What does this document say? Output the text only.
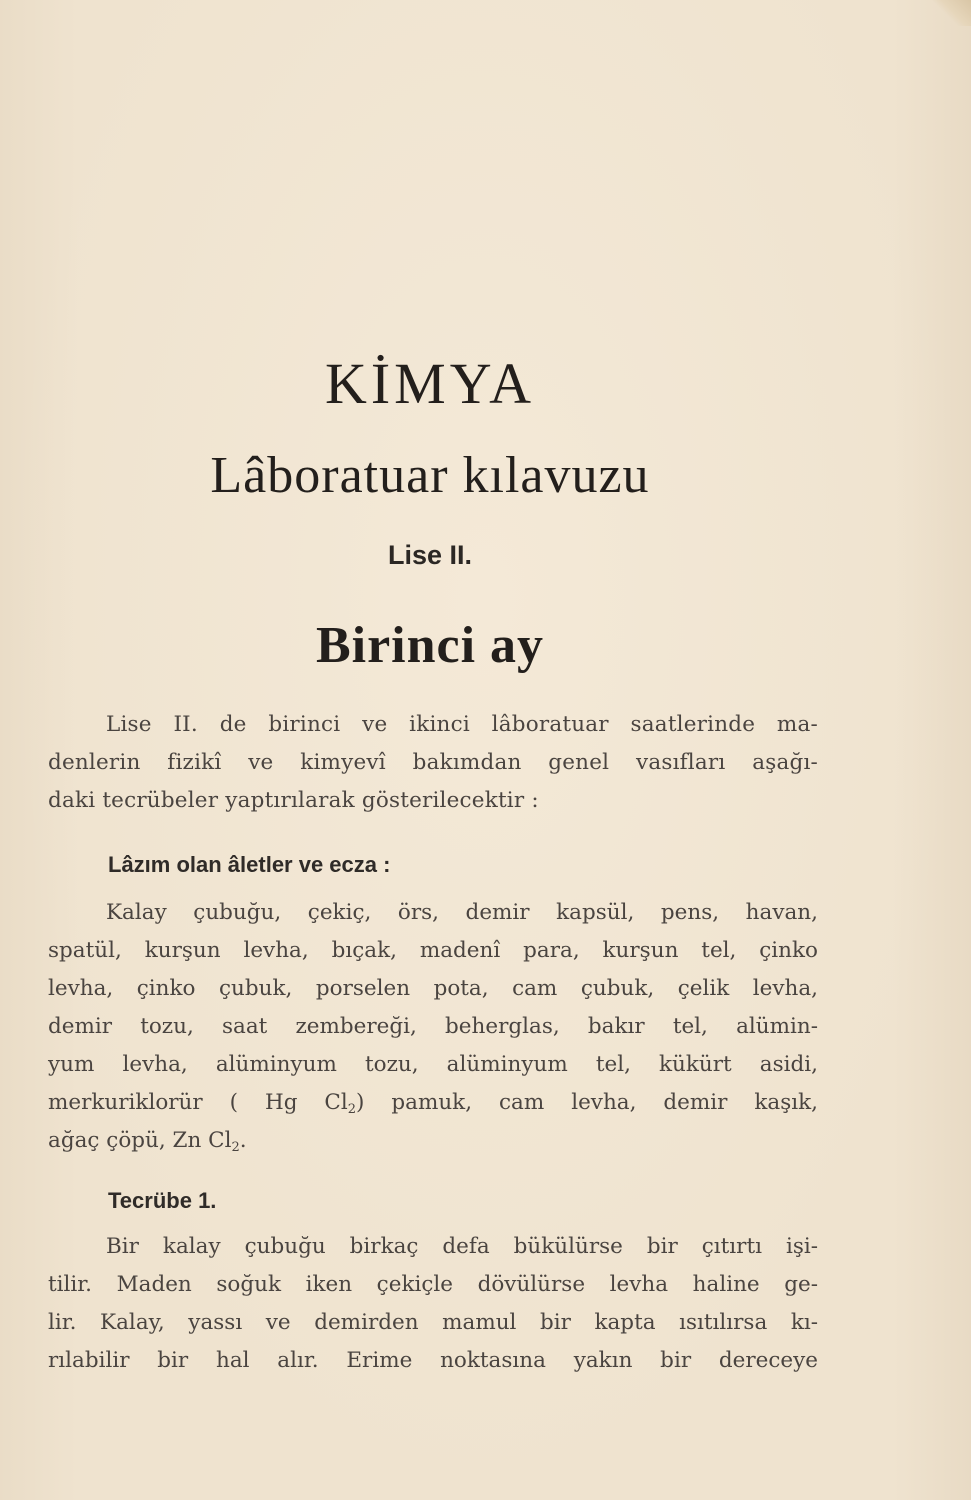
KİMYA
Lâboratuar kılavuzu
Lise II.
Birinci ay
Lise II. de birinci ve ikinci lâboratuar saatlerinde ma-
denlerin fizikî ve kimyevî bakımdan genel vasıfları aşağı-
daki tecrübeler yaptırılarak gösterilecektir :
Lâzım olan âletler ve ecza :
Kalay çubuğu, çekiç, örs, demir kapsül, pens, havan,
spatül, kurşun levha, bıçak, madenî para, kurşun tel, çinko
levha, çinko çubuk, porselen pota, cam çubuk, çelik levha,
demir tozu, saat zembereği, beherglas, bakır tel, alümin-
yum levha, alüminyum tozu, alüminyum tel, kükürt asidi,
merkuriklorür ( Hg $Cl_2$) pamuk, cam levha, demir kaşık,
ağaç çöpü, Zn $Cl_2$.
Tecrübe 1.
Bir kalay çubuğu birkaç defa bükülürse bir çıtırtı işi-
tilir. Maden soğuk iken çekiçle dövülürse levha haline ge-
lir. Kalay, yassı ve demirden mamul bir kapta ısıtılırsa kı-
rılabilir bir hal alır. Erime noktasına yakın bir dereceye
